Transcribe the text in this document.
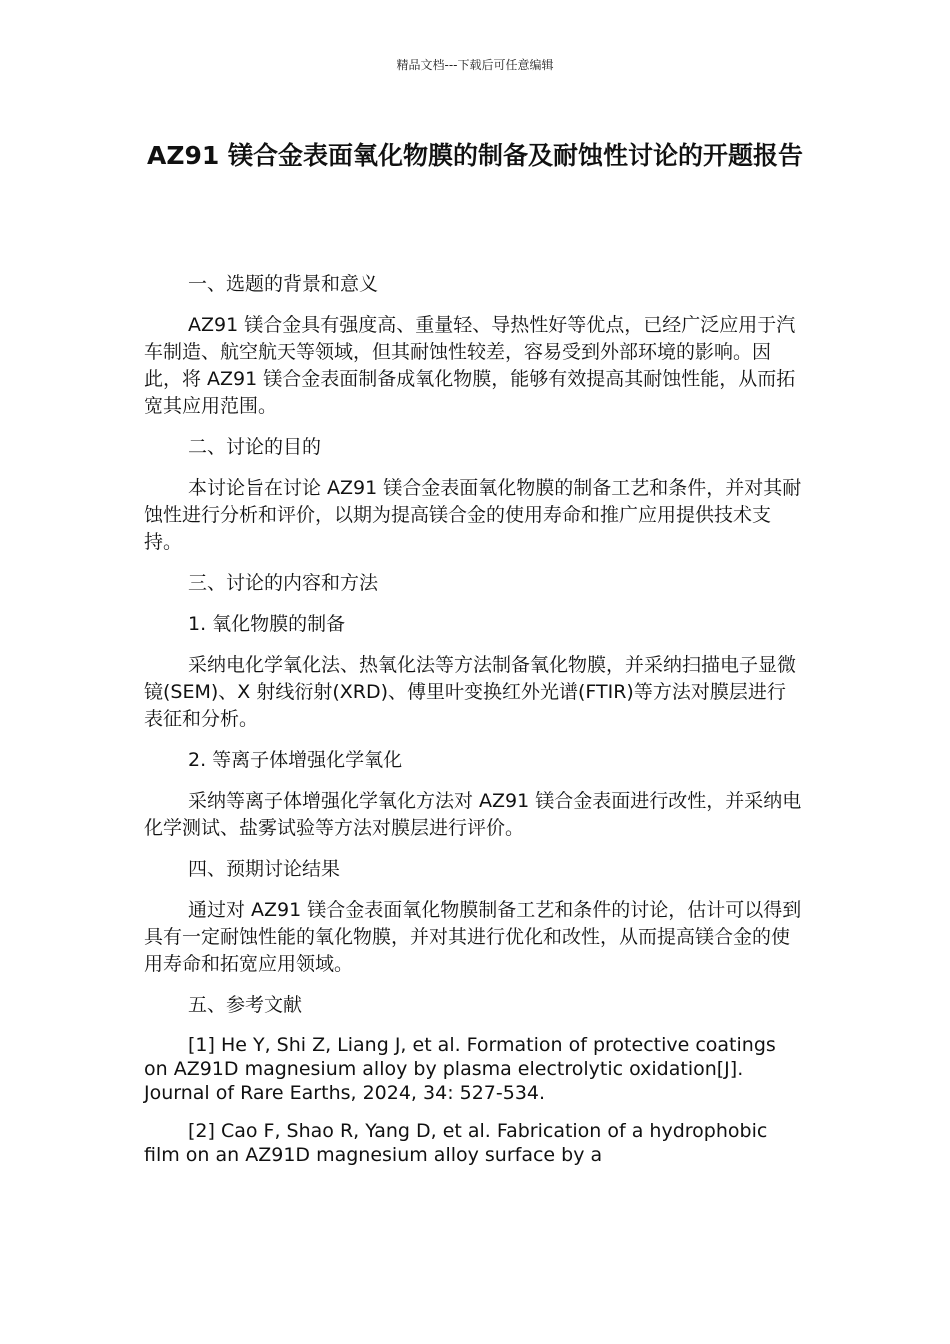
精品文档---下载后可任意编辑
AZ91 镁合金表面氧化物膜的制备及耐蚀性讨论的开题报告

一、选题的背景和意义

AZ91 镁合金具有强度高、重量轻、导热性好等优点，已经广泛应用于汽车制造、航空航天等领域，但其耐蚀性较差，容易受到外部环境的影响。因此，将 AZ91 镁合金表面制备成氧化物膜，能够有效提高其耐蚀性能，从而拓宽其应用范围。

二、讨论的目的

本讨论旨在讨论 AZ91 镁合金表面氧化物膜的制备工艺和条件，并对其耐蚀性进行分析和评价，以期为提高镁合金的使用寿命和推广应用提供技术支持。

三、讨论的内容和方法

1. 氧化物膜的制备

采纳电化学氧化法、热氧化法等方法制备氧化物膜，并采纳扫描电子显微镜(SEM)、X 射线衍射(XRD)、傅里叶变换红外光谱(FTIR)等方法对膜层进行表征和分析。

2. 等离子体增强化学氧化

采纳等离子体增强化学氧化方法对 AZ91 镁合金表面进行改性，并采纳电化学测试、盐雾试验等方法对膜层进行评价。

四、预期讨论结果

通过对 AZ91 镁合金表面氧化物膜制备工艺和条件的讨论，估计可以得到具有一定耐蚀性能的氧化物膜，并对其进行优化和改性，从而提高镁合金的使用寿命和拓宽应用领域。

五、参考文献

[1] He Y, Shi Z, Liang J, et al. Formation of protective coatings on AZ91D magnesium alloy by plasma electrolytic oxidation[J]. Journal of Rare Earths, 2024, 34: 527-534.

[2] Cao F, Shao R, Yang D, et al. Fabrication of a hydrophobic film on an AZ91D magnesium alloy surface by a
